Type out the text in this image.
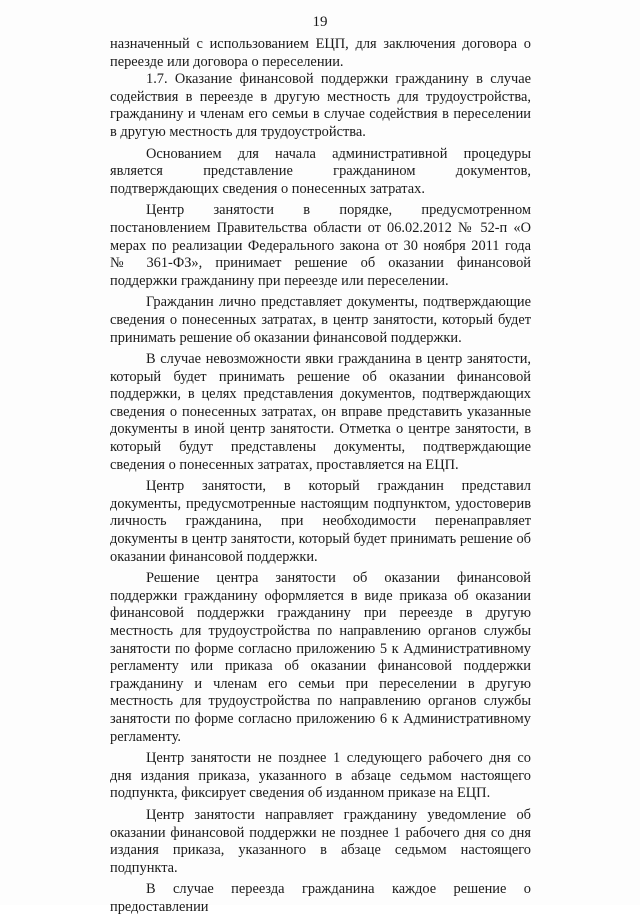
19

назначенный с использованием ЕЦП, для заключения договора о переезде или договора о переселении.

1.7. Оказание финансовой поддержки гражданину в случае содействия в переезде в другую местность для трудоустройства, гражданину и членам его семьи в случае содействия в переселении в другую местность для трудоустройства.

Основанием для начала административной процедуры является представление гражданином документов, подтверждающих сведения о понесенных затратах.

Центр занятости в порядке, предусмотренном постановлением Правительства области от 06.02.2012 № 52-п «О мерах по реализации Федерального закона от 30 ноября 2011 года № 361-ФЗ», принимает решение об оказании финансовой поддержки гражданину при переезде или переселении.

Гражданин лично представляет документы, подтверждающие сведения о понесенных затратах, в центр занятости, который будет принимать решение об оказании финансовой поддержки.

В случае невозможности явки гражданина в центр занятости, который будет принимать решение об оказании финансовой поддержки, в целях представления документов, подтверждающих сведения о понесенных затратах, он вправе представить указанные документы в иной центр занятости. Отметка о центре занятости, в который будут представлены документы, подтверждающие сведения о понесенных затратах, проставляется на ЕЦП.

Центр занятости, в который гражданин представил документы, предусмотренные настоящим подпунктом, удостоверив личность гражданина, при необходимости перенаправляет документы в центр занятости, который будет принимать решение об оказании финансовой поддержки.

Решение центра занятости об оказании финансовой поддержки гражданину оформляется в виде приказа об оказании финансовой поддержки гражданину при переезде в другую местность для трудоустройства по направлению органов службы занятости по форме согласно приложению 5 к Административному регламенту или приказа об оказании финансовой поддержки гражданину и членам его семьи при переселении в другую местность для трудоустройства по направлению органов службы занятости по форме согласно приложению 6 к Административному регламенту.

Центр занятости не позднее 1 следующего рабочего дня со дня издания приказа, указанного в абзаце седьмом настоящего подпункта, фиксирует сведения об изданном приказе на ЕЦП.

Центр занятости направляет гражданину уведомление об оказании финансовой поддержки не позднее 1 рабочего дня со дня издания приказа, указанного в абзаце седьмом настоящего подпункта.

В случае переезда гражданина каждое решение о предоставлении
